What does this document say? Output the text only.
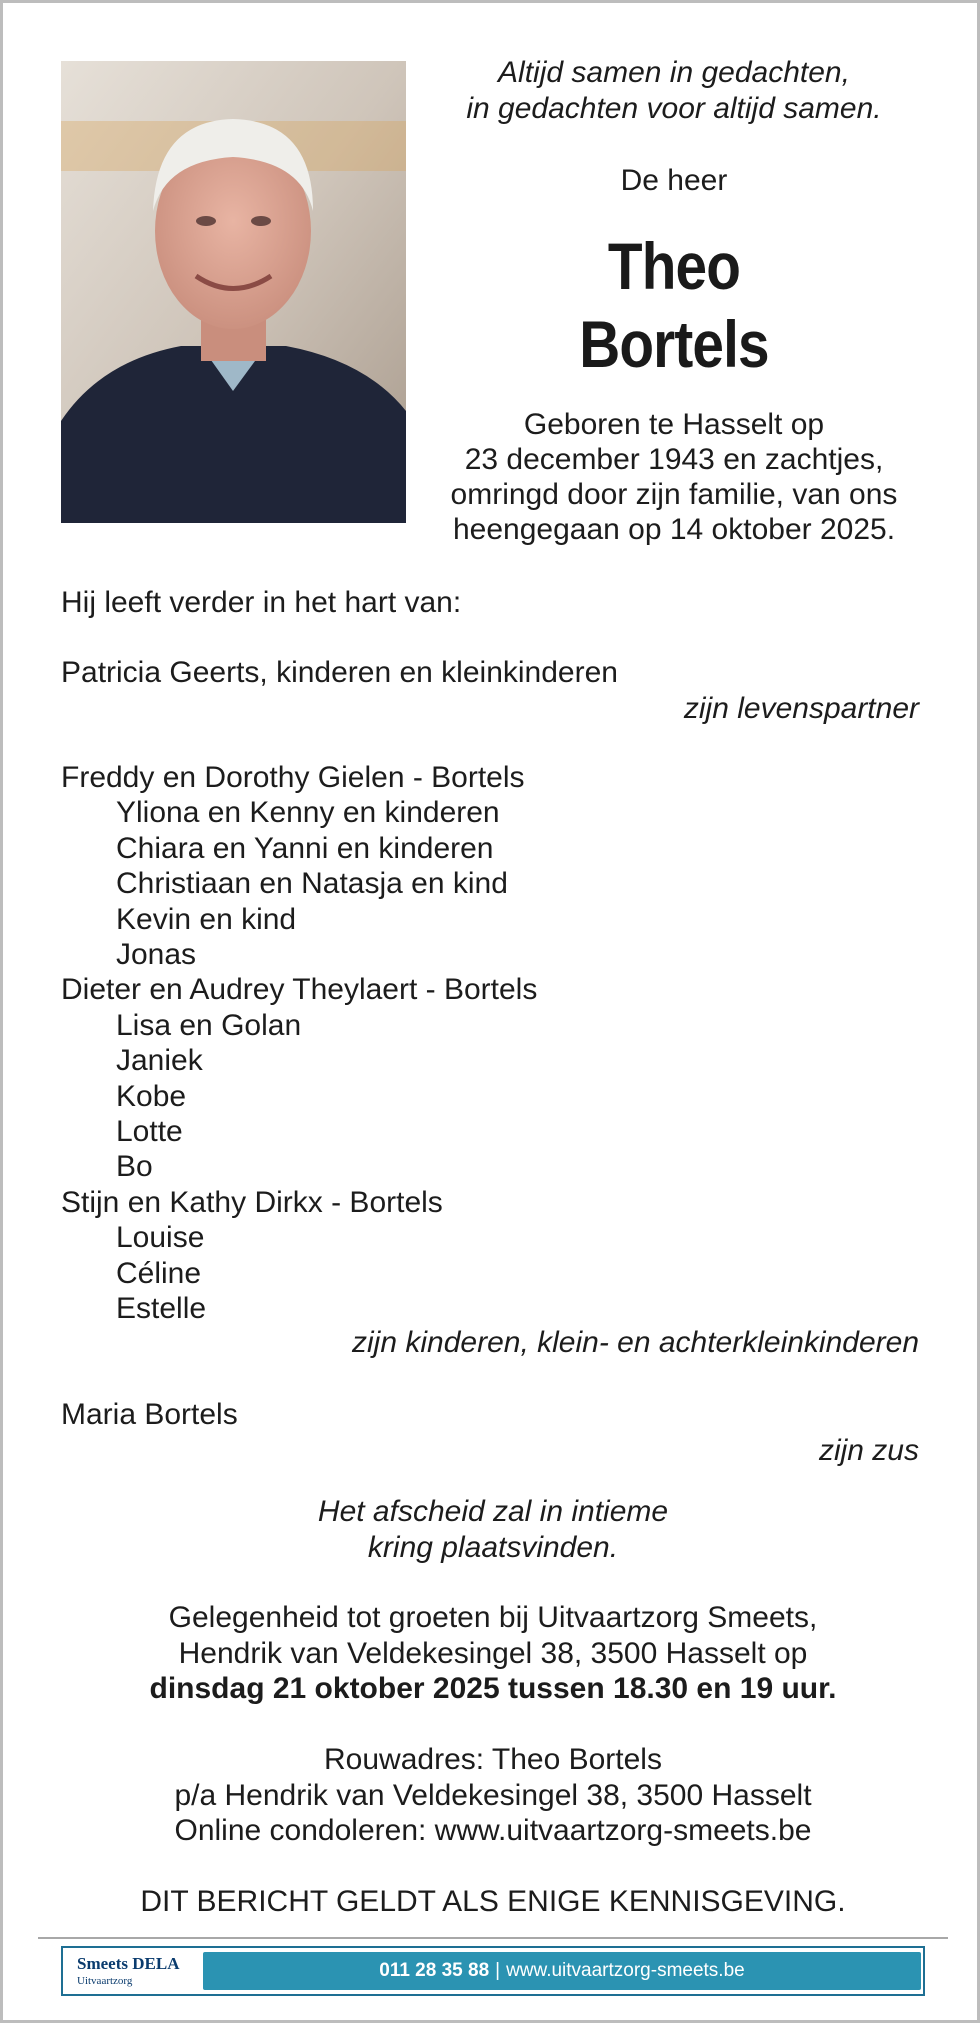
Altijd samen in gedachten,
in gedachten voor altijd samen.
De heer
Theo
Bortels
Geboren te Hasselt op
23 december 1943 en zachtjes,
omringd door zijn familie, van ons
heengegaan op 14 oktober 2025.
Hij leeft verder in het hart van:
Patricia Geerts, kinderen en kleinkinderen
zijn levenspartner
Freddy en Dorothy Gielen - Bortels
Yliona en Kenny en kinderen
Chiara en Yanni en kinderen
Christiaan en Natasja en kind
Kevin en kind
Jonas
Dieter en Audrey Theylaert - Bortels
Lisa en Golan
Janiek
Kobe
Lotte
Bo
Stijn en Kathy Dirkx - Bortels
Louise
Céline
Estelle
zijn kinderen, klein- en achterkleinkinderen
Maria Bortels
zijn zus
Het afscheid zal in intieme
kring plaatsvinden.
Gelegenheid tot groeten bij Uitvaartzorg Smeets,
Hendrik van Veldekesingel 38, 3500 Hasselt op
dinsdag 21 oktober 2025 tussen 18.30 en 19 uur.
Rouwadres: Theo Bortels
p/a Hendrik van Veldekesingel 38, 3500 Hasselt
Online condoleren: www.uitvaartzorg-smeets.be
DIT BERICHT GELDT ALS ENIGE KENNISGEVING.
Smeets DELA
Uitvaartzorg	011 28 35 88 | www.uitvaartzorg-smeets.be
